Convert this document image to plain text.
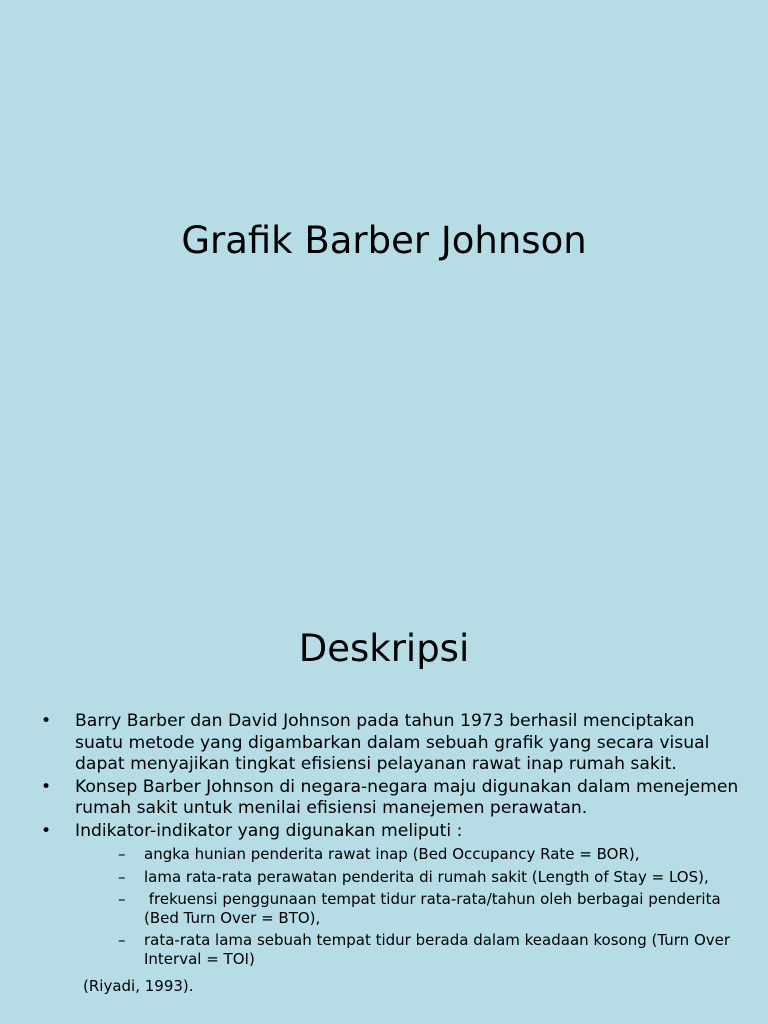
Grafik Barber Johnson
Deskripsi
• Barry Barber dan David Johnson pada tahun 1973 berhasil menciptakan suatu metode yang digambarkan dalam sebuah grafik yang secara visual dapat menyajikan tingkat efisiensi pelayanan rawat inap rumah sakit.
• Konsep Barber Johnson di negara-negara maju digunakan dalam menejemen rumah sakit untuk menilai efisiensi manejemen perawatan.
• Indikator-indikator yang digunakan meliputi :
– angka hunian penderita rawat inap (Bed Occupancy Rate = BOR),
– lama rata-rata perawatan penderita di rumah sakit (Length of Stay = LOS),
– frekuensi penggunaan tempat tidur rata-rata/tahun oleh berbagai penderita (Bed Turn Over = BTO),
– rata-rata lama sebuah tempat tidur berada dalam keadaan kosong (Turn Over Interval = TOI)
(Riyadi, 1993).
